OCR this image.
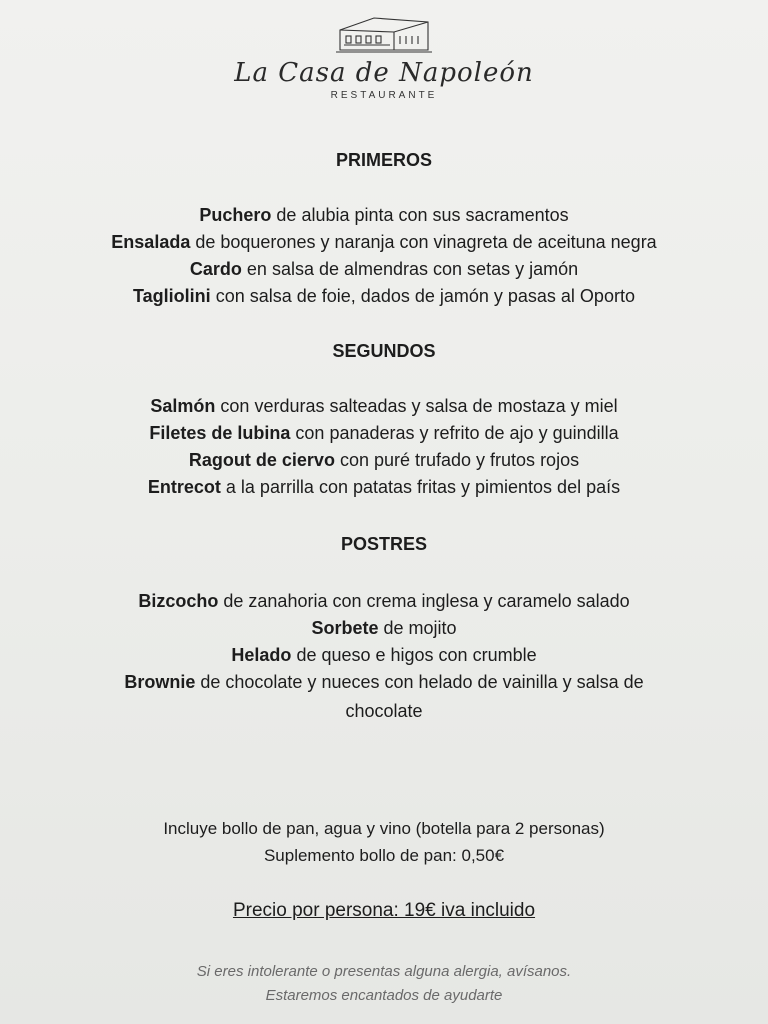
La Casa de Napoleón
RESTAURANTE
PRIMEROS
Puchero de alubia pinta con sus sacramentos
Ensalada de boquerones y naranja con vinagreta de aceituna negra
Cardo en salsa de almendras con setas y jamón
Tagliolini con salsa de foie, dados de jamón y pasas al Oporto
SEGUNDOS
Salmón con verduras salteadas y salsa de mostaza y miel
Filetes de lubina con panaderas y refrito de ajo y guindilla
Ragout de ciervo con puré trufado y frutos rojos
Entrecot a la parrilla con patatas fritas y pimientos del país
POSTRES
Bizcocho de zanahoria con crema inglesa y caramelo salado
Sorbete de mojito
Helado de queso e higos con crumble
Brownie de chocolate y nueces con helado de vainilla y salsa de
chocolate
Incluye bollo de pan, agua y vino (botella para 2 personas)
Suplemento bollo de pan: 0,50€
Precio por persona: 19€ iva incluido
Si eres intolerante o presentas alguna alergia, avísanos.
Estaremos encantados de ayudarte
